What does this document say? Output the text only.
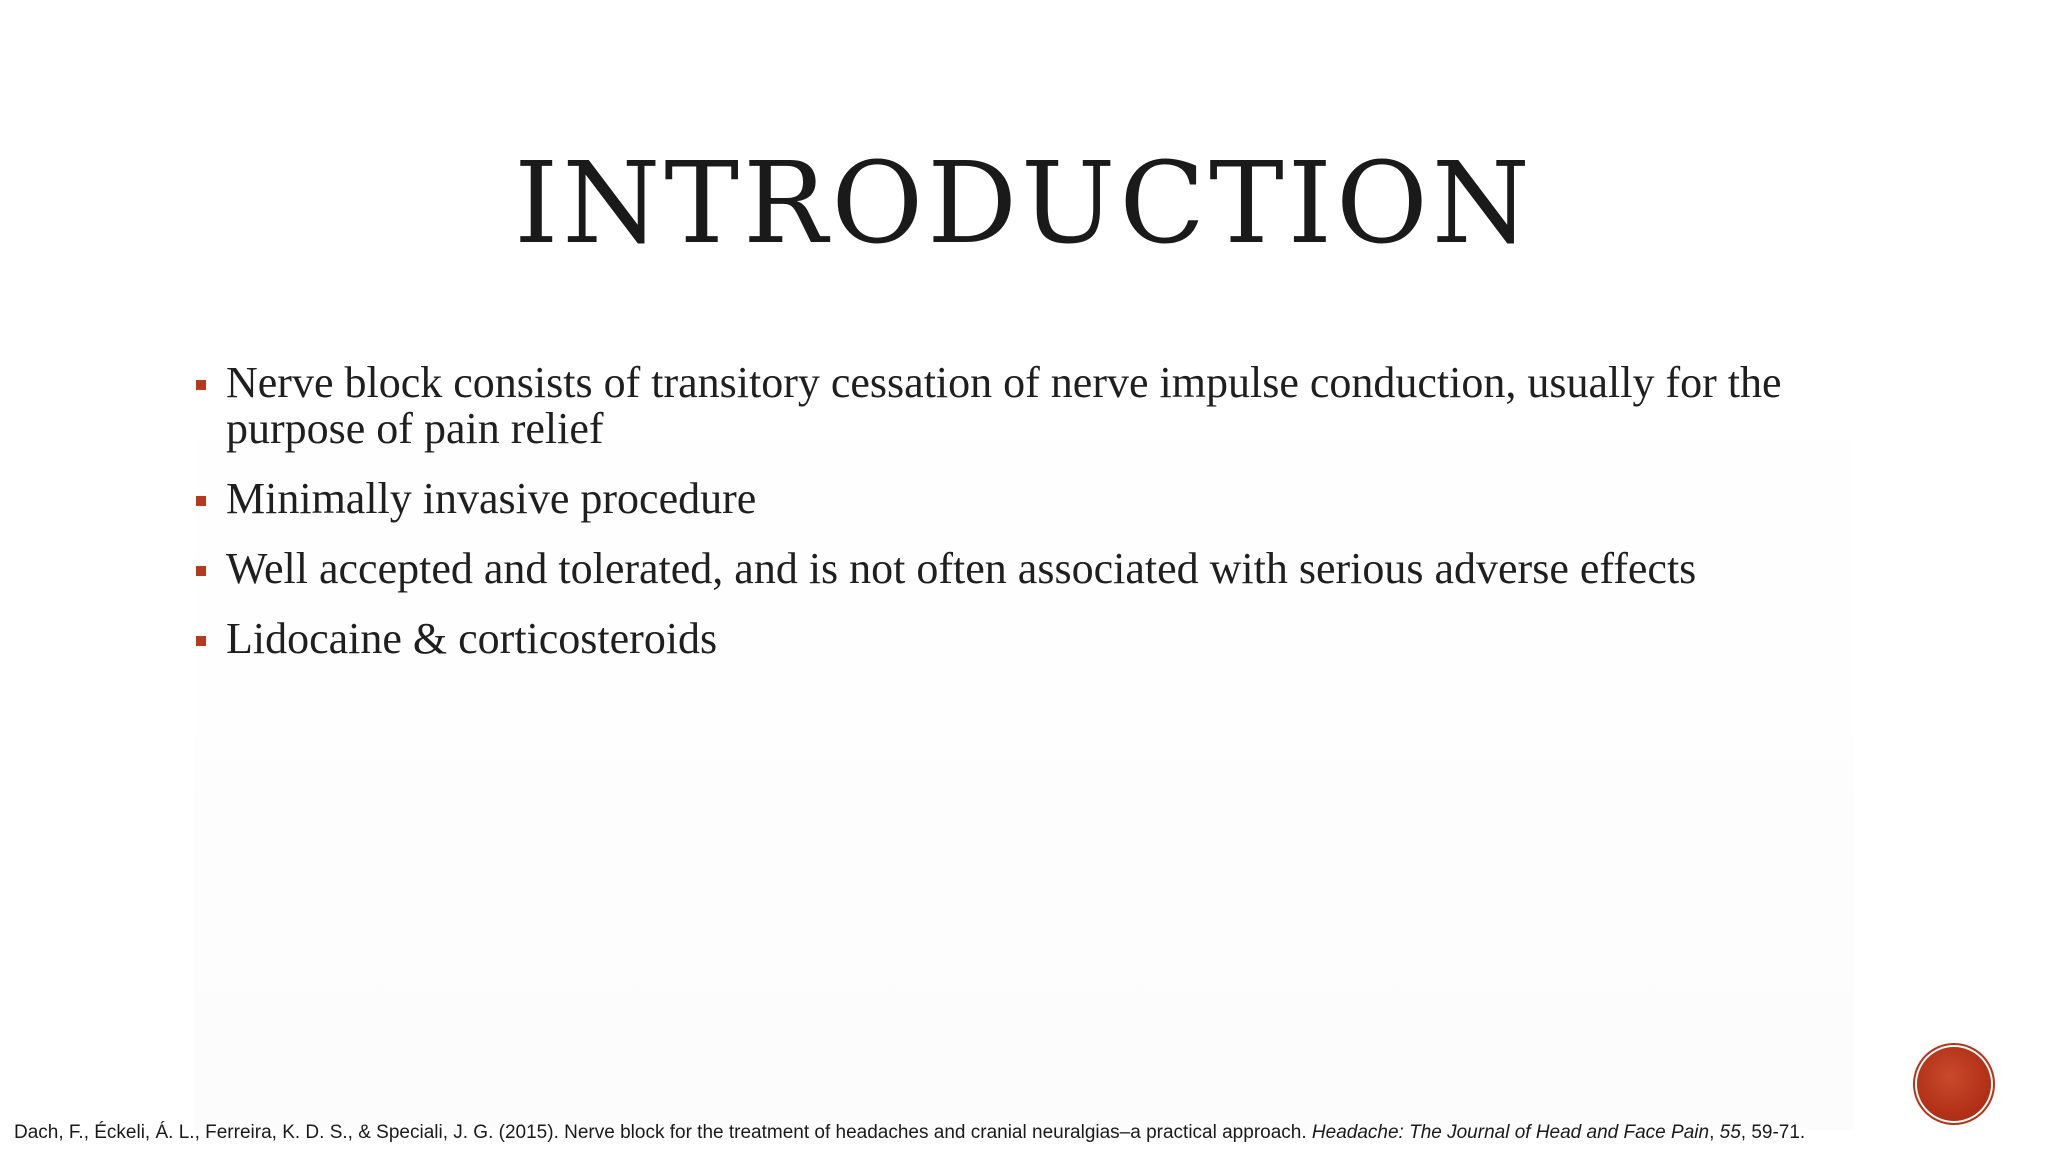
INTRODUCTION
Nerve block consists of transitory cessation of nerve impulse conduction, usually for the purpose of pain relief
Minimally invasive procedure
Well accepted and tolerated, and is not often associated with serious adverse effects
Lidocaine & corticosteroids
Dach, F., Éckeli, Á. L., Ferreira, K. D. S., & Speciali, J. G. (2015). Nerve block for the treatment of headaches and cranial neuralgias–a practical approach. Headache: The Journal of Head and Face Pain, 55, 59-71.
